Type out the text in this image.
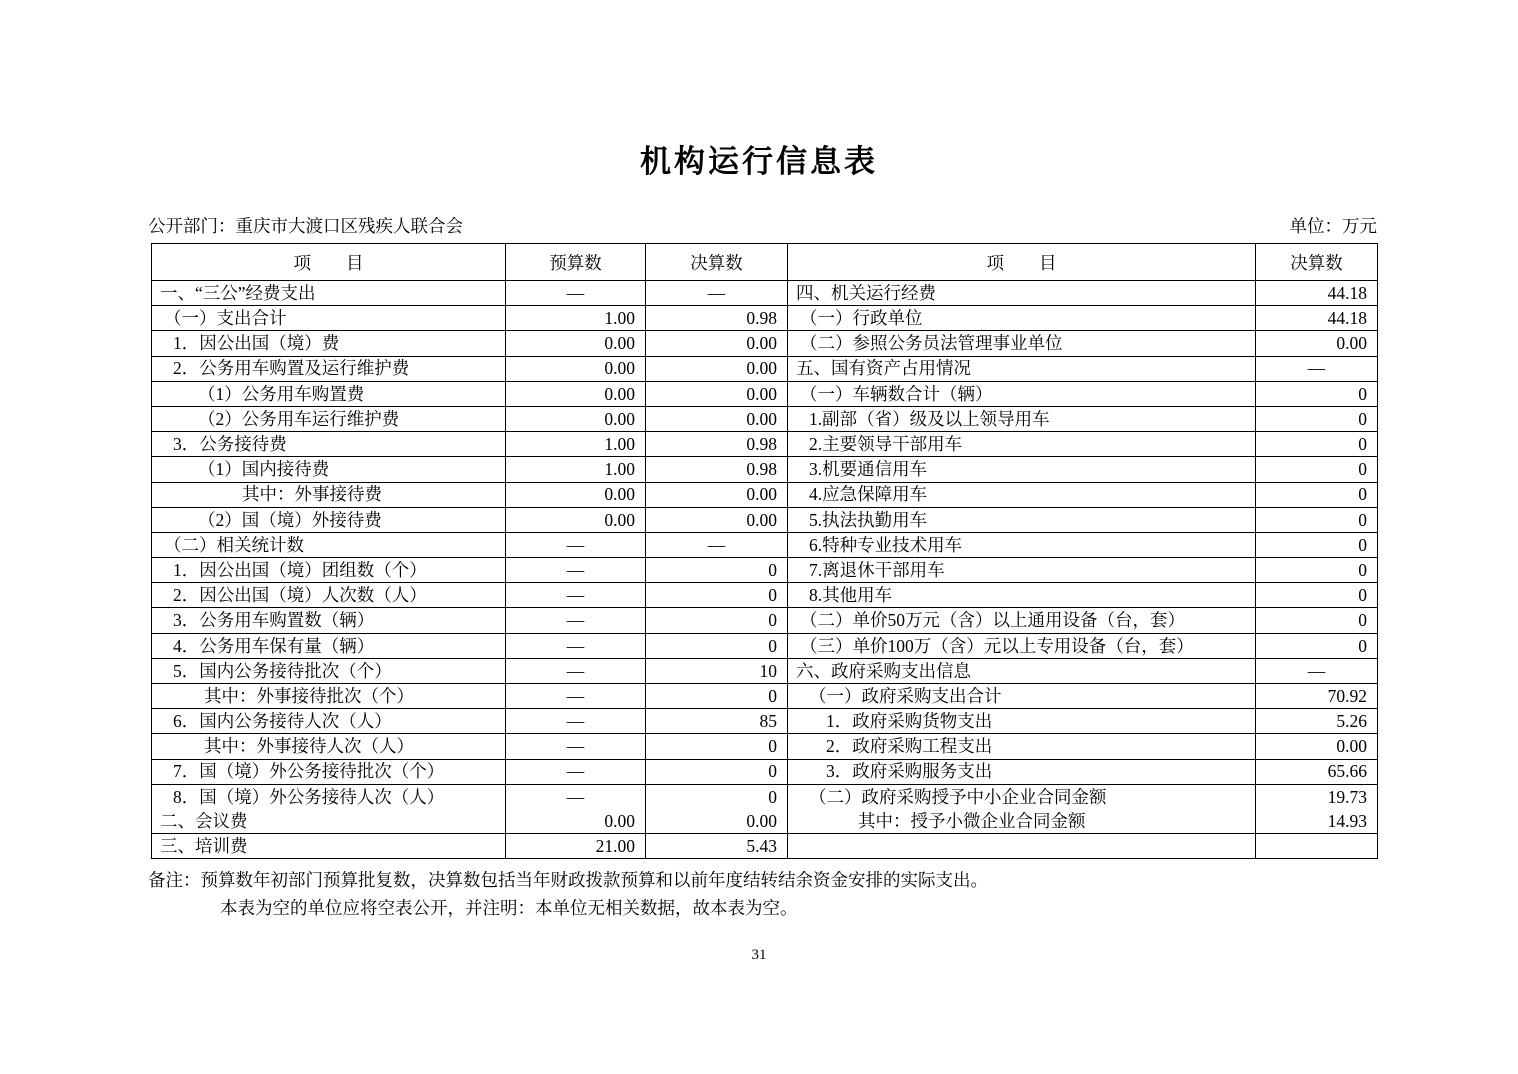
机构运行信息表
公开部门：重庆市大渡口区残疾人联合会	单位：万元
项　　目	预算数	决算数	项　　目	决算数
一、“三公”经费支出	—	—	四、机关运行经费	44.18
（一）支出合计	1.00	0.98	（一）行政单位	44.18
1．因公出国（境）费	0.00	0.00	（二）参照公务员法管理事业单位	0.00
2．公务用车购置及运行维护费	0.00	0.00	五、国有资产占用情况	—
（1）公务用车购置费	0.00	0.00	（一）车辆数合计（辆）	0
（2）公务用车运行维护费	0.00	0.00	1.副部（省）级及以上领导用车	0
3．公务接待费	1.00	0.98	2.主要领导干部用车	0
（1）国内接待费	1.00	0.98	3.机要通信用车	0
其中：外事接待费	0.00	0.00	4.应急保障用车	0
（2）国（境）外接待费	0.00	0.00	5.执法执勤用车	0
（二）相关统计数	—	—	6.特种专业技术用车	0
1．因公出国（境）团组数（个）	—	0	7.离退休干部用车	0
2．因公出国（境）人次数（人）	—	0	8.其他用车	0
3．公务用车购置数（辆）	—	0	（二）单价50万元（含）以上通用设备（台，套）	0
4．公务用车保有量（辆）	—	0	（三）单价100万（含）元以上专用设备（台，套）	0
5．国内公务接待批次（个）	—	10	六、政府采购支出信息	—
其中：外事接待批次（个）	—	0	（一）政府采购支出合计	70.92
6．国内公务接待人次（人）	—	85	1．政府采购货物支出	5.26
其中：外事接待人次（人）	—	0	2．政府采购工程支出	0.00
7．国（境）外公务接待批次（个）	—	0	3．政府采购服务支出	65.66
8．国（境）外公务接待人次（人）	—	0	（二）政府采购授予中小企业合同金额	19.73
二、会议费	0.00	0.00	其中：授予小微企业合同金额	14.93
三、培训费	21.00	5.43		
备注：预算数年初部门预算批复数，决算数包括当年财政拨款预算和以前年度结转结余资金安排的实际支出。
本表为空的单位应将空表公开，并注明：本单位无相关数据，故本表为空。
31
